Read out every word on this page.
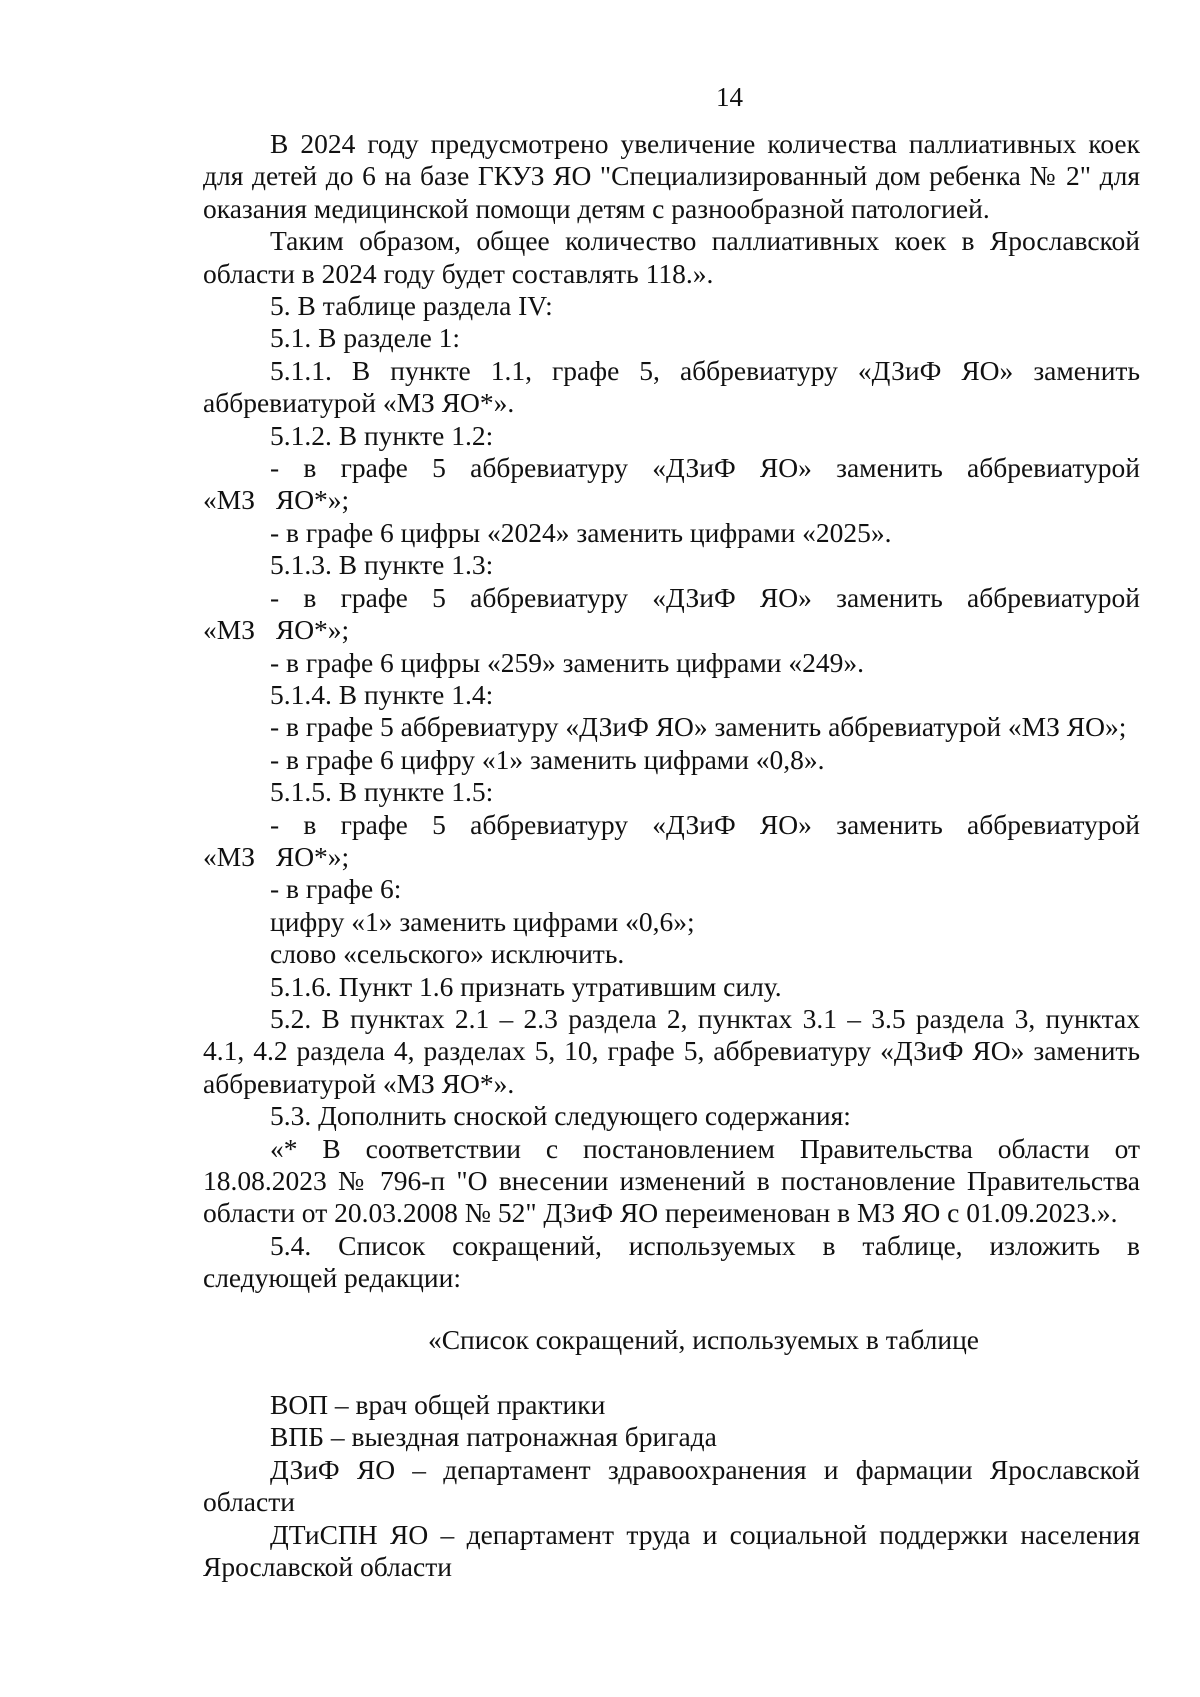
14

В 2024 году предусмотрено увеличение количества паллиативных коек для детей до 6 на базе ГКУЗ ЯО "Специализированный дом ребенка № 2" для оказания медицинской помощи детям с разнообразной патологией.

Таким образом, общее количество паллиативных коек в Ярославской области в 2024 году будет составлять 118.».

5. В таблице раздела IV:

5.1. В разделе 1:

5.1.1. В пункте 1.1, графе 5, аббревиатуру «ДЗиФ ЯО» заменить аббревиатурой «МЗ ЯО*».

5.1.2. В пункте 1.2:

- в графе 5 аббревиатуру «ДЗиФ ЯО» заменить аббревиатурой «МЗ ЯО*»;

- в графе 6 цифры «2024» заменить цифрами «2025».

5.1.3. В пункте 1.3:

- в графе 5 аббревиатуру «ДЗиФ ЯО» заменить аббревиатурой «МЗ ЯО*»;

- в графе 6 цифры «259» заменить цифрами «249».

5.1.4. В пункте 1.4:

- в графе 5 аббревиатуру «ДЗиФ ЯО» заменить аббревиатурой «МЗ ЯО»;

- в графе 6 цифру «1» заменить цифрами «0,8».

5.1.5. В пункте 1.5:

- в графе 5 аббревиатуру «ДЗиФ ЯО» заменить аббревиатурой «МЗ ЯО*»;

- в графе 6:

цифру «1» заменить цифрами «0,6»;

слово «сельского» исключить.

5.1.6. Пункт 1.6 признать утратившим силу.

5.2. В пунктах 2.1 – 2.3 раздела 2, пунктах 3.1 – 3.5 раздела 3, пунктах 4.1, 4.2 раздела 4, разделах 5, 10, графе 5, аббревиатуру «ДЗиФ ЯО» заменить аббревиатурой «МЗ ЯО*».

5.3. Дополнить сноской следующего содержания:

«* В соответствии с постановлением Правительства области от 18.08.2023 № 796-п "О внесении изменений в постановление Правительства области от 20.03.2008 № 52" ДЗиФ ЯО переименован в МЗ ЯО с 01.09.2023.».

5.4. Список сокращений, используемых в таблице, изложить в следующей редакции:

«Список сокращений, используемых в таблице

ВОП – врач общей практики

ВПБ – выездная патронажная бригада

ДЗиФ ЯО – департамент здравоохранения и фармации Ярославской области

ДТиСПН ЯО – департамент труда и социальной поддержки населения Ярославской области
